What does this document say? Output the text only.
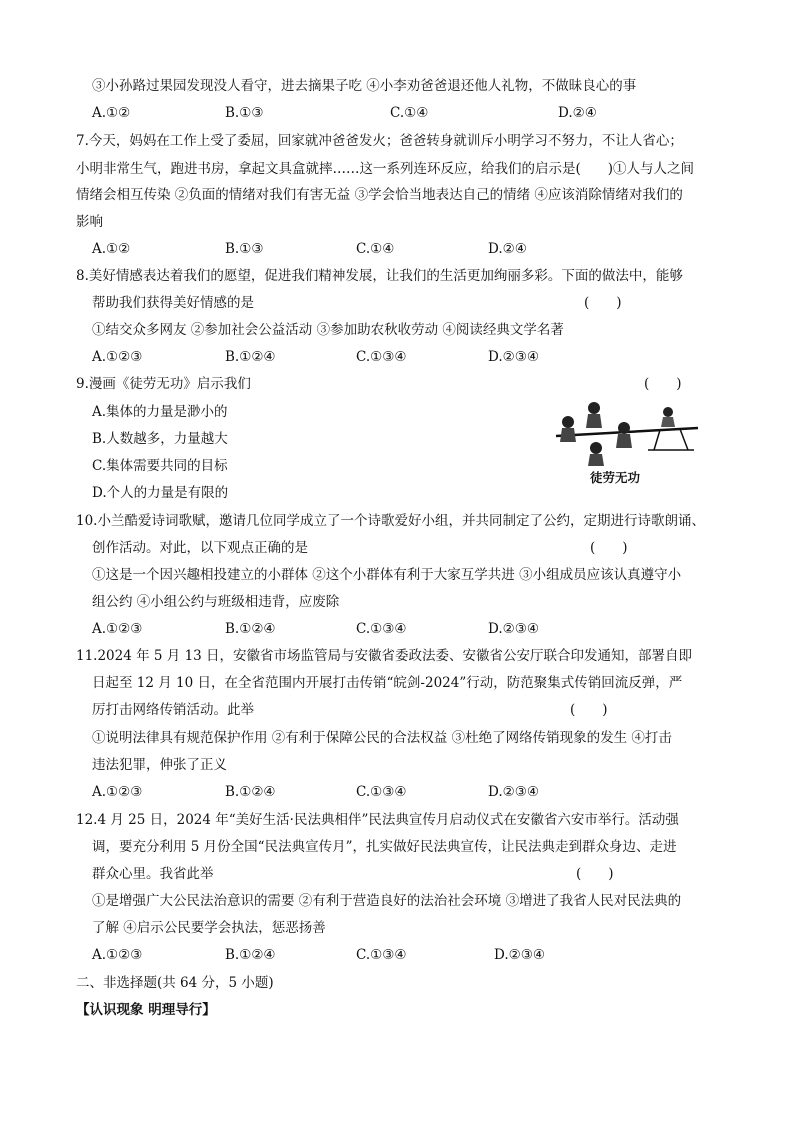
③小孙路过果园发现没人看守，进去摘果子吃 ④小李劝爸爸退还他人礼物，不做昧良心的事
A.①②	B.①③	C.①④	D.②④
7.今天，妈妈在工作上受了委屈，回家就冲爸爸发火；爸爸转身就训斥小明学习不努力，不让人省心；
小明非常生气，跑进书房，拿起文具盒就摔……这一系列连环反应，给我们的启示是(　　)①人与人之间
情绪会相互传染 ②负面的情绪对我们有害无益 ③学会恰当地表达自己的情绪 ④应该消除情绪对我们的
影响
A.①②	B.①③	C.①④	D.②④
8.美好情感表达着我们的愿望，促进我们精神发展，让我们的生活更加绚丽多彩。下面的做法中，能够
帮助我们获得美好情感的是	(　　)
①结交众多网友 ②参加社会公益活动 ③参加助农秋收劳动 ④阅读经典文学名著
A.①②③	B.①②④	C.①③④	D.②③④
9.漫画《徒劳无功》启示我们	(　　)
A.集体的力量是渺小的
B.人数越多，力量越大
C.集体需要共同的目标
D.个人的力量是有限的
徒劳无功
10.小兰酷爱诗词歌赋，邀请几位同学成立了一个诗歌爱好小组，并共同制定了公约，定期进行诗歌朗诵、
创作活动。对此，以下观点正确的是	(　　)
①这是一个因兴趣相投建立的小群体 ②这个小群体有利于大家互学共进 ③小组成员应该认真遵守小
组公约 ④小组公约与班级相违背，应废除
A.①②③	B.①②④	C.①③④	D.②③④
11.2024 年 5 月 13 日，安徽省市场监管局与安徽省委政法委、安徽省公安厅联合印发通知，部署自即
日起至 12 月 10 日，在全省范围内开展打击传销“皖剑-2024”行动，防范聚集式传销回流反弹，严
厉打击网络传销活动。此举	(　　)
①说明法律具有规范保护作用 ②有利于保障公民的合法权益 ③杜绝了网络传销现象的发生 ④打击
违法犯罪，伸张了正义
A.①②③	B.①②④	C.①③④	D.②③④
12.4 月 25 日，2024 年“美好生活·民法典相伴”民法典宣传月启动仪式在安徽省六安市举行。活动强
调，要充分利用 5 月份全国“民法典宣传月”，扎实做好民法典宣传，让民法典走到群众身边、走进
群众心里。我省此举	(　　)
①是增强广大公民法治意识的需要 ②有利于营造良好的法治社会环境 ③增进了我省人民对民法典的
了解 ④启示公民要学会执法，惩恶扬善
A.①②③	B.①②④	C.①③④	D.②③④
二、非选择题(共 64 分，5 小题)
【认识现象 明理导行】
